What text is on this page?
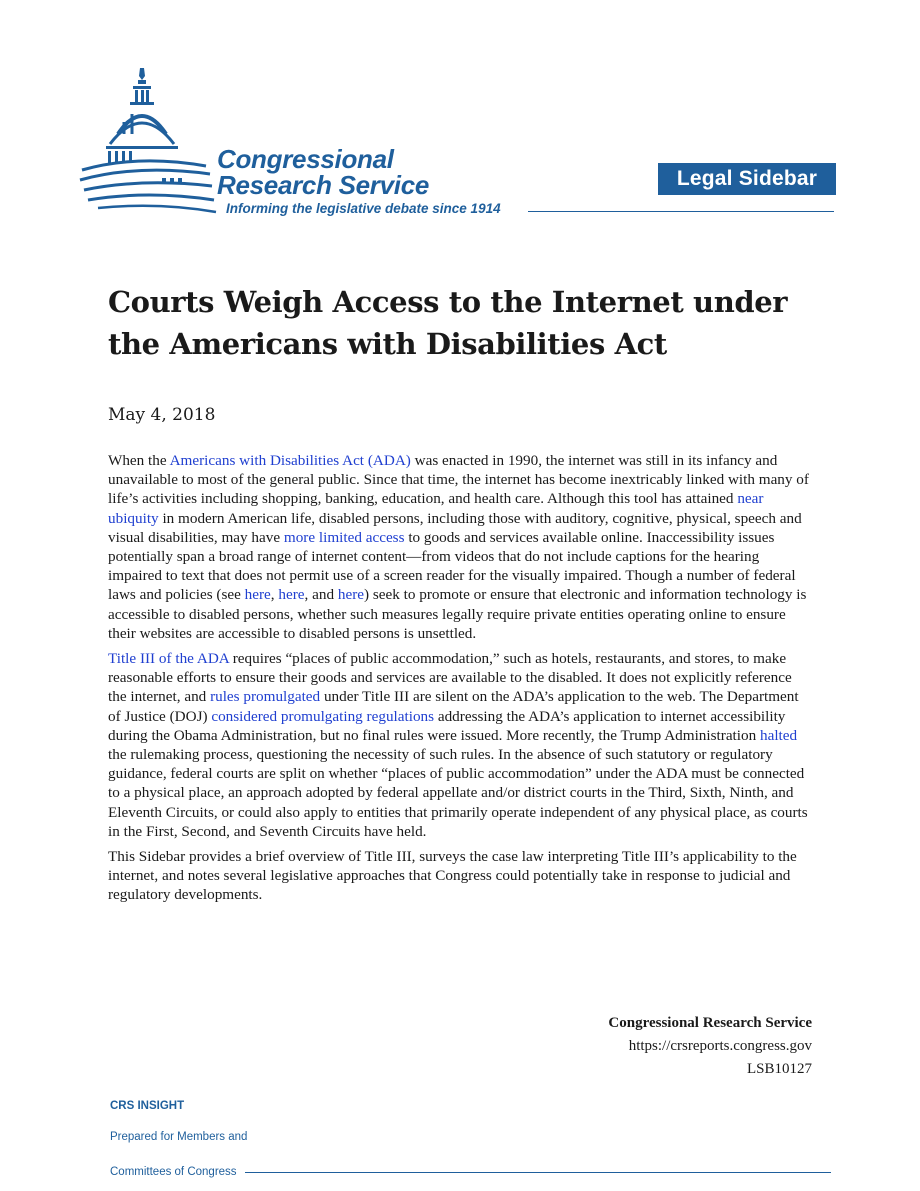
Congressional
Research Service
Informing the legislative debate since 1914
Legal Sidebar
Courts Weigh Access to the Internet under the Americans with Disabilities Act
May 4, 2018

When the Americans with Disabilities Act (ADA) was enacted in 1990, the internet was still in its infancy and unavailable to most of the general public. Since that time, the internet has become inextricably linked with many of life’s activities including shopping, banking, education, and health care. Although this tool has attained near ubiquity in modern American life, disabled persons, including those with auditory, cognitive, physical, speech and visual disabilities, may have more limited access to goods and services available online. Inaccessibility issues potentially span a broad range of internet content—from videos that do not include captions for the hearing impaired to text that does not permit use of a screen reader for the visually impaired. Though a number of federal laws and policies (see here, here, and here) seek to promote or ensure that electronic and information technology is accessible to disabled persons, whether such measures legally require private entities operating online to ensure their websites are accessible to disabled persons is unsettled.

Title III of the ADA requires “places of public accommodation,” such as hotels, restaurants, and stores, to make reasonable efforts to ensure their goods and services are available to the disabled. It does not explicitly reference the internet, and rules promulgated under Title III are silent on the ADA’s application to the web. The Department of Justice (DOJ) considered promulgating regulations addressing the ADA’s application to internet accessibility during the Obama Administration, but no final rules were issued. More recently, the Trump Administration halted the rulemaking process, questioning the necessity of such rules. In the absence of such statutory or regulatory guidance, federal courts are split on whether “places of public accommodation” under the ADA must be connected to a physical place, an approach adopted by federal appellate and/or district courts in the Third, Sixth, Ninth, and Eleventh Circuits, or could also apply to entities that primarily operate independent of any physical place, as courts in the First, Second, and Seventh Circuits have held.

This Sidebar provides a brief overview of Title III, surveys the case law interpreting Title III’s applicability to the internet, and notes several legislative approaches that Congress could potentially take in response to judicial and regulatory developments.

Congressional Research Service
https://crsreports.congress.gov
LSB10127
CRS INSIGHT
Prepared for Members and
Committees of Congress
